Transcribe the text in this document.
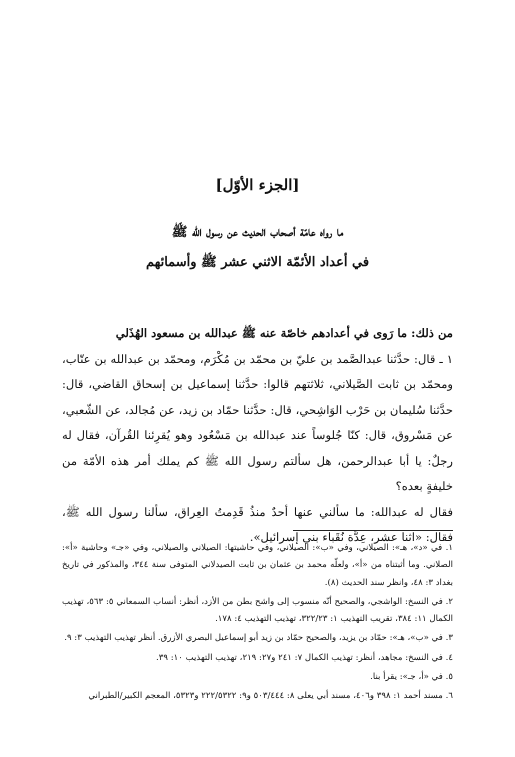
[الجزء الأوّل]
ما رواه عامّة أصحاب الحديث عن رسول الله ﷺ
في أعداد الأئمّة الاثني عشر ﷺ وأسمائهم

من ذلك: ما رَوى في أعدادهم خاصّة عنه ﷺ عبدالله بن مسعود الهُذَلي

١ ـ قال: حدَّثنا عبدالصَّمد بن عليّ بن محمّد بن مُكْرَم، ومحمّد بن عبدالله بن عتّاب، ومحمّد بن ثابت الصَّيلاني، ثلاثتهم قالوا: حدَّثنا إسماعيل بن إسحاق القاضي، قال: حدَّثنا سُليمان بن حَرْب الوَاشِحي، قال: حدَّثنا حمّاد بن زيد، عن مُجالد، عن الشّعبي، عن مَسْروق، قال: كنّا جُلوساً عند عبدالله بن مَسْعُود وهو يُقرِئنا القُرآن، فقال له رجلٌ: يا أبا عبدالرحمن، هل سألتم رسول الله ﷺ كم يملك أمر هذه الأمّة من خليفةٍ بعده؟

فقال له عبدالله: ما سألني عنها أحدٌ منذُ قَدِمتُ العِراق، سألنا رسول الله ﷺ، فقال: «اثنا عشر، عِدَّة نُقَباء بني إسرائيل».

١. في «د»، هـ»: الصيلاني، وفي «ب»: الصيلاني، وفي حاشيتها: الصيلاني والصيلاني، وفي «جـ» وحاشية «أ»: الصلاني. وما أثبتناه من «أ»، ولعلّه محمد بن عثمان بن ثابت الصيدلاني المتوفى سنة ٣٤٤، والمذكور في تاريخ بغداد ٣: ٤٨، وانظر سند الحديث (٨).

٢. في النسخ: الواشجي، والصحيح أنّه منسوب إلى واشح بطن من الأزد، أنظر: أنساب السمعاني ٥: ٥٦٣، تهذيب الكمال ١١: ٣٨٤، تقريب التهذيب ١: ٣٢٢/٢٣، تهذيب التهذيب ٤: ١٧٨.

٣. في «ب»، هـ»: حمّاد بن يزيد، والصحيح حمّاد بن زيد أبو إسماعيل البصري الأزرق. أنظر تهذيب التهذيب ٣: ٩.

٤. في النسخ: مجاهد، أنظر: تهذيب الكمال ٧: ٢٤١ و٢٧: ٢١٩، تهذيب التهذيب ١٠: ٣٩.

٥. في «أ، جـ»: يقرأ بنا.

٦. مسند أحمد ١: ٣٩٨ و٤٠٦، مسند أبي يعلى ٨: ٥٠٣/٤٤٤ و٩: ٢٢٢/٥٣٢٢ و٥٣٢٣، المعجم الكبير/الطبراني
